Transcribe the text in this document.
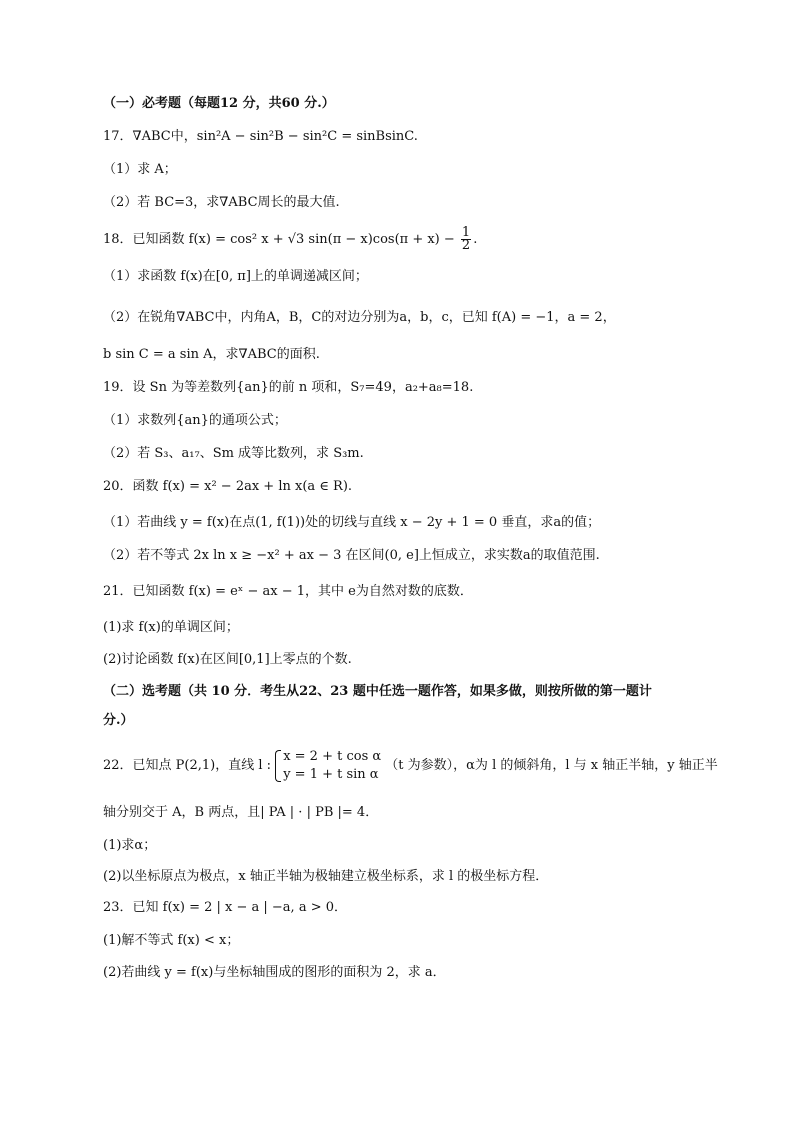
（一）必考题（每题12 分，共60 分.）
17．∇ABC中，sin²A − sin²B − sin²C = sinBsinC.
（1）求 A；
（2）若 BC=3，求∇ABC周长的最大值.
18．已知函数 f(x) = cos² x + √3 $\sin(\pi - x)\cos(\pi + x) - \frac{1}{2}$ .
（1）求函数 f(x)在[0, π]上的单调递减区间；
（2）在锐角∇ABC中，内角A，B，C的对边分别为a，b，c，已知 f(A) = −1，a = 2，
b sin C = a sin A，求∇ABC的面积.
19．设 Sn 为等差数列{an}的前 n 项和，S₇=49，a₂+a₈=18.
（1）求数列{an}的通项公式；
（2）若 S₃、a₁₇、Sm 成等比数列，求 S₃m.
20．函数 f(x) = x² − 2ax + ln x(a ∈ R).
（1）若曲线 y = f(x)在点(1, f(1))处的切线与直线 x − 2y + 1 = 0 垂直，求a的值；
（2）若不等式 2x ln x ≥ −x² + ax − 3 在区间(0, e]上恒成立，求实数a的取值范围.
21．已知函数 f(x) = eˣ − ax − 1，其中 e为自然对数的底数．
(1)求 f(x)的单调区间；
(2)讨论函数 f(x)在区间[0,1]上零点的个数.
（二）选考题（共 10 分．考生从22、23 题中任选一题作答，如果多做，则按所做的第一题计
分.）
22．已知点 P(2,1)，直线 l :
x = 2 + t cos α
y = 1 + t sin α
（t 为参数），α为 l 的倾斜角，l 与 x 轴正半轴，y 轴正半
轴分别交于 A，B 两点，且| PA | · | PB |= 4．
(1)求α；
(2)以坐标原点为极点，x 轴正半轴为极轴建立极坐标系，求 l 的极坐标方程．
23．已知 f(x) = 2 | x − a | −a, a > 0．
(1)解不等式 f(x) < x；
(2)若曲线 y = f(x)与坐标轴围成的图形的面积为 2，求 a．
